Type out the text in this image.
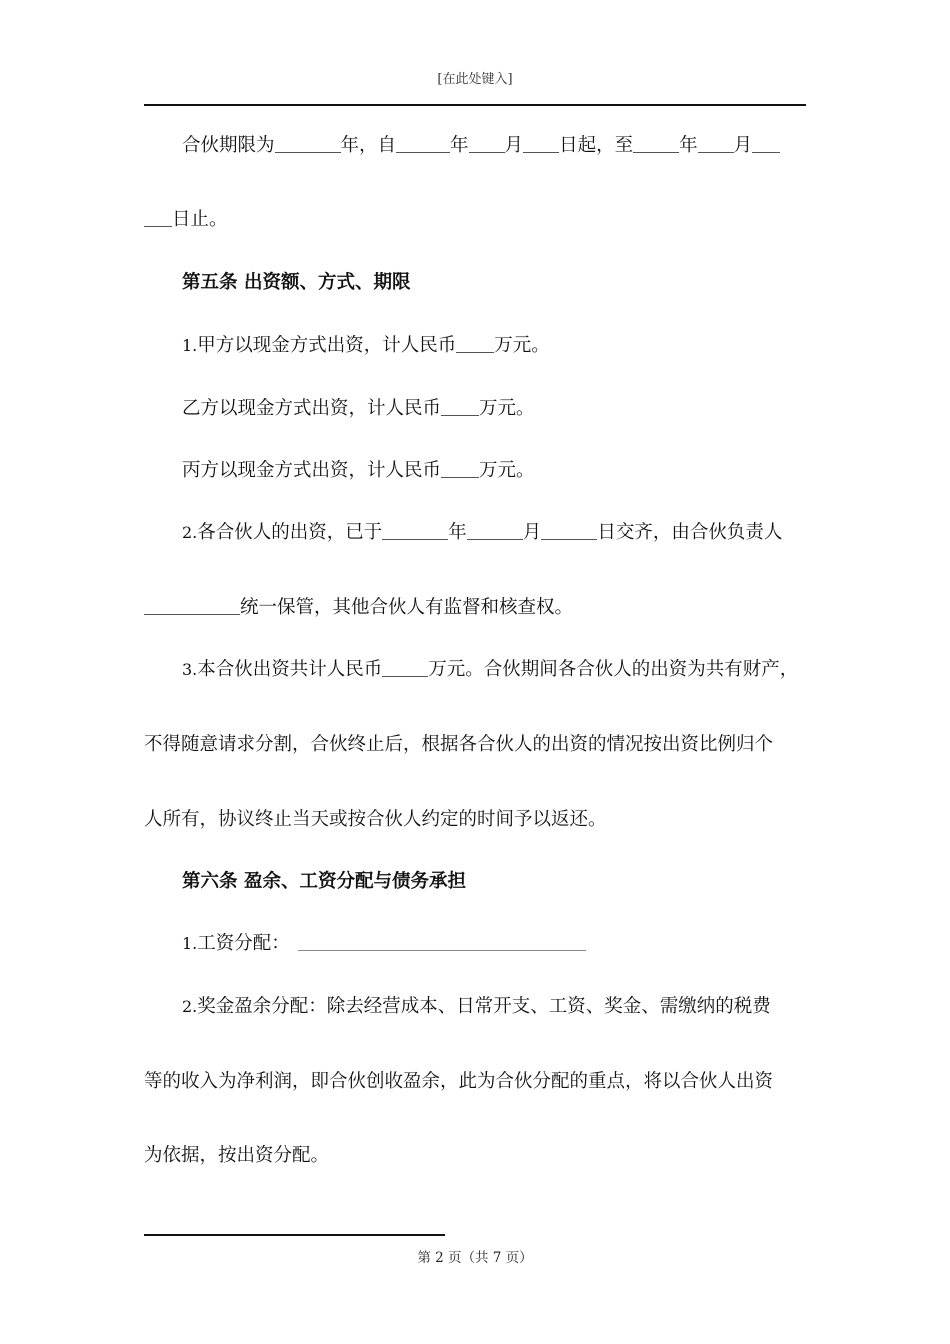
[在此处键入]
合伙期限为	年，自	年 月 日起，至 年 月
日止。
第五条 出资额、方式、期限
1.甲方以现金方式出资，计人民币 万元。
乙方以现金方式出资，计人民币 万元。
丙方以现金方式出资，计人民币 万元。
2.各合伙人的出资，已于	年	月	日交齐，由合伙负责人
统一保管，其他合伙人有监督和核查权。
3.本合伙出资共计人民币 万元。合伙期间各合伙人的出资为共有财产，
不得随意请求分割，合伙终止后，根据各合伙人的出资的情况按出资比例归个
人所有，协议终止当天或按合伙人约定的时间予以返还。
第六条 盈余、工资分配与债务承担
1.工资分配：
2.奖金盈余分配：除去经营成本、日常开支、工资、奖金、需缴纳的税费
等的收入为净利润，即合伙创收盈余，此为合伙分配的重点，将以合伙人出资
为依据，按出资分配。
第 2 页（共 7 页）
